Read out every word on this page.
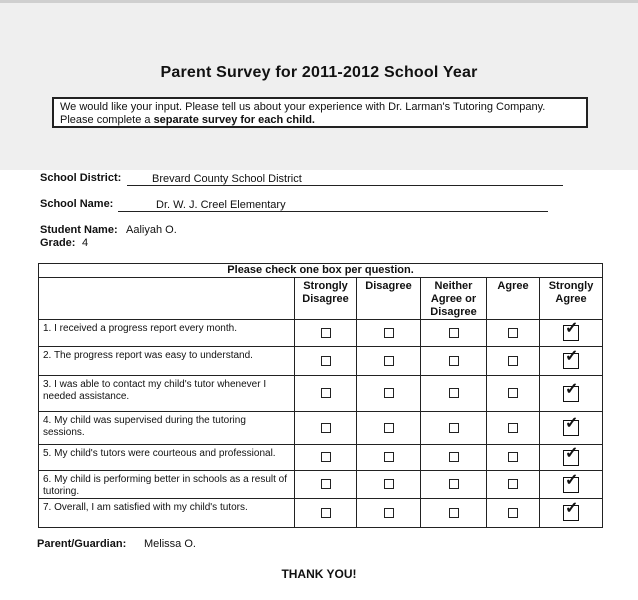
Parent Survey for 2011-2012 School Year
We would like your input. Please tell us about your experience with Dr. Larman's Tutoring Company.
Please complete a separate survey for each child.
School District:	Brevard County School District
School Name:	Dr. W. J. Creel Elementary
Student Name: Aaliyah O.
Grade: 4
Please check one box per question.					
	Strongly Disagree	Disagree	Neither Agree or Disagree	Agree	Strongly Agree
1. I received a progress report every month.					✓

2. The progress report was easy to understand.					✓

3. I was able to contact my child's tutor whenever I needed assistance.					✓

4. My child was supervised during the tutoring sessions.					✓

5. My child's tutors were courteous and professional.					✓

6. My child is performing better in schools as a result of tutoring.					✓

7. Overall, I am satisfied with my child's tutors.					✓
Parent/Guardian: Melissa O.
THANK YOU!
